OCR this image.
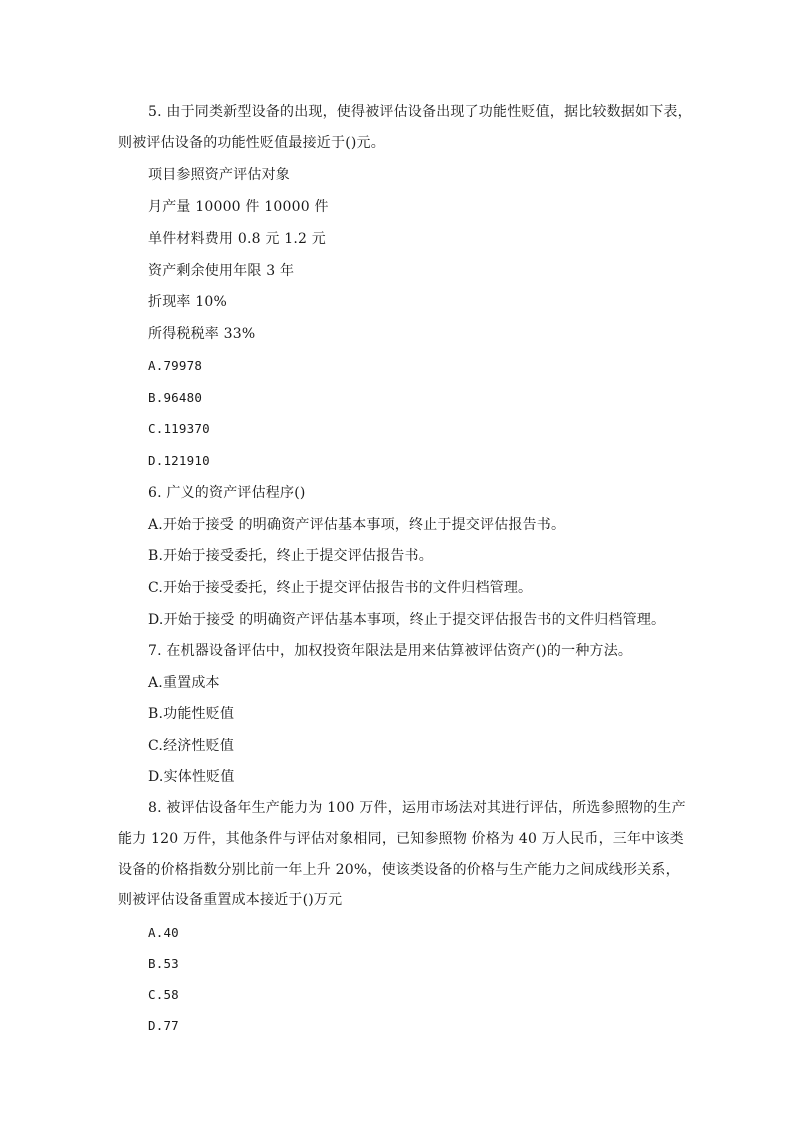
5. 由于同类新型设备的出现，使得被评估设备出现了功能性贬值，据比较数据如下表，
则被评估设备的功能性贬值最接近于()元。
项目参照资产评估对象
月产量 10000 件 10000 件
单件材料费用 0.8 元 1.2 元
资产剩余使用年限 3 年
折现率 10%
所得税税率 33%
A.79978
B.96480
C.119370
D.121910
6. 广义的资产评估程序()
A.开始于接受 的明确资产评估基本事项，终止于提交评估报告书。
B.开始于接受委托，终止于提交评估报告书。
C.开始于接受委托，终止于提交评估报告书的文件归档管理。
D.开始于接受 的明确资产评估基本事项，终止于提交评估报告书的文件归档管理。
7. 在机器设备评估中，加权投资年限法是用来估算被评估资产()的一种方法。
A.重置成本
B.功能性贬值
C.经济性贬值
D.实体性贬值
8. 被评估设备年生产能力为 100 万件，运用市场法对其进行评估，所选参照物的生产
能力 120 万件，其他条件与评估对象相同，已知参照物 价格为 40 万人民币，三年中该类
设备的价格指数分别比前一年上升 20%，使该类设备的价格与生产能力之间成线形关系，
则被评估设备重置成本接近于()万元
A.40
B.53
C.58
D.77
